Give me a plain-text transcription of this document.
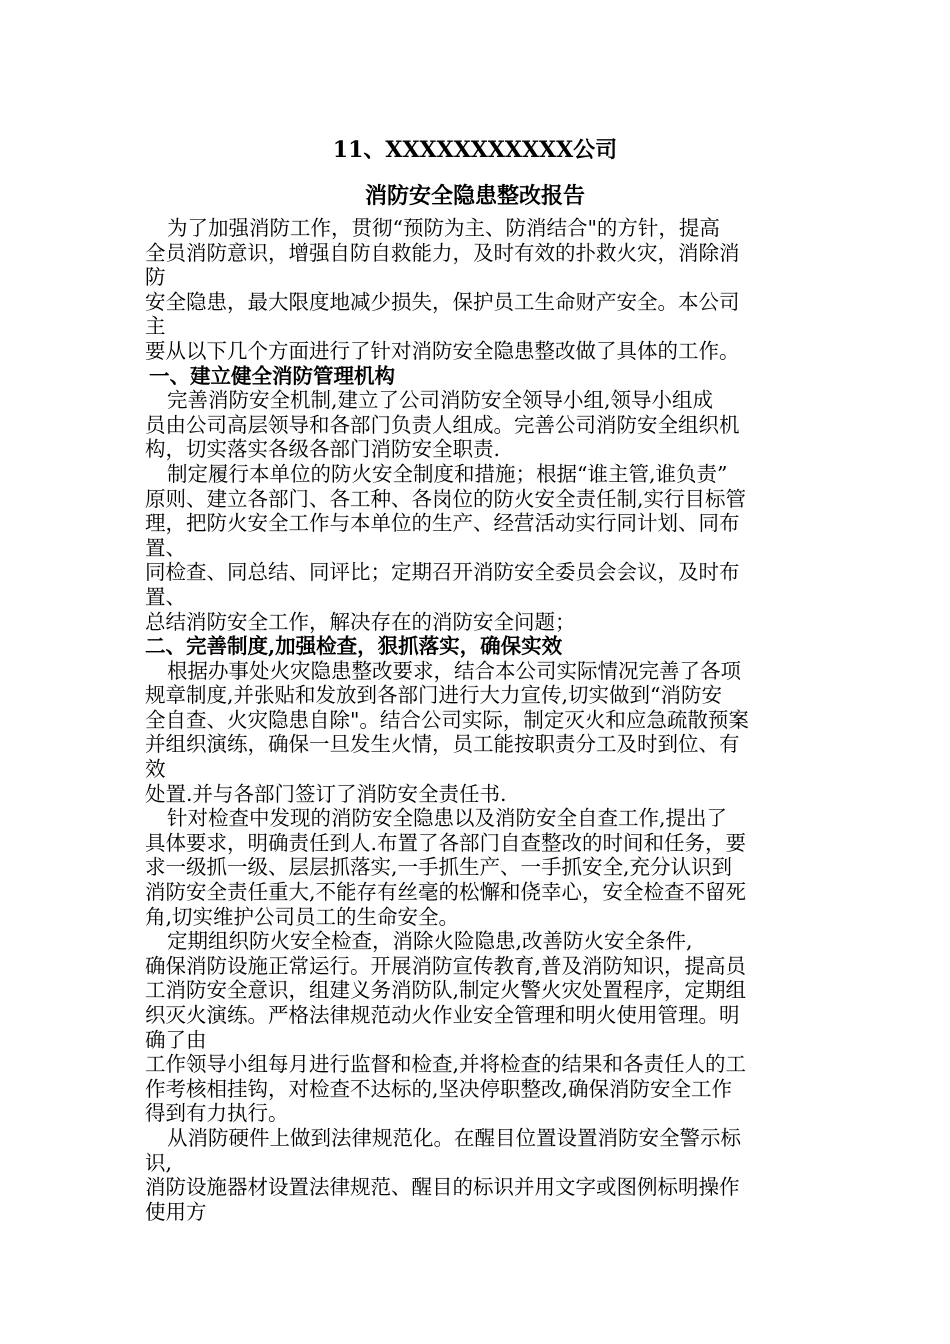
11、XXXXXXXXXXX公司
消防安全隐患整改报告

为了加强消防工作，贯彻“预防为主、防消结合"的方针，提高

全员消防意识，增强自防自救能力，及时有效的扑救火灾，消除消

防

安全隐患，最大限度地减少损失，保护员工生命财产安全。本公司

主

要从以下几个方面进行了针对消防安全隐患整改做了具体的工作。

一、建立健全消防管理机构

完善消防安全机制,建立了公司消防安全领导小组,领导小组成

员由公司高层领导和各部门负责人组成。完善公司消防安全组织机

构，切实落实各级各部门消防安全职责.

制定履行本单位的防火安全制度和措施；根据“谁主管,谁负责”

原则、建立各部门、各工种、各岗位的防火安全责任制,实行目标管

理，把防火安全工作与本单位的生产、经营活动实行同计划、同布

置、

同检查、同总结、同评比；定期召开消防安全委员会会议，及时布

置、

总结消防安全工作，解决存在的消防安全问题；

二、完善制度,加强检查，狠抓落实，确保实效

根据办事处火灾隐患整改要求，结合本公司实际情况完善了各项

规章制度,并张贴和发放到各部门进行大力宣传,切实做到“消防安

全自查、火灾隐患自除"。结合公司实际，制定灭火和应急疏散预案

并组织演练，确保一旦发生火情，员工能按职责分工及时到位、有

效

处置.并与各部门签订了消防安全责任书.

针对检查中发现的消防安全隐患以及消防安全自查工作,提出了

具体要求，明确责任到人.布置了各部门自查整改的时间和任务，要

求一级抓一级、层层抓落实,一手抓生产、一手抓安全,充分认识到

消防安全责任重大,不能存有丝毫的松懈和侥幸心，安全检查不留死

角,切实维护公司员工的生命安全。

定期组织防火安全检查，消除火险隐患,改善防火安全条件,

确保消防设施正常运行。开展消防宣传教育,普及消防知识，提高员

工消防安全意识，组建义务消防队,制定火警火灾处置程序，定期组

织灭火演练。严格法律规范动火作业安全管理和明火使用管理。明

确了由

工作领导小组每月进行监督和检查,并将检查的结果和各责任人的工

作考核相挂钩，对检查不达标的,坚决停职整改,确保消防安全工作

得到有力执行。

从消防硬件上做到法律规范化。在醒目位置设置消防安全警示标

识,

消防设施器材设置法律规范、醒目的标识并用文字或图例标明操作

使用方
